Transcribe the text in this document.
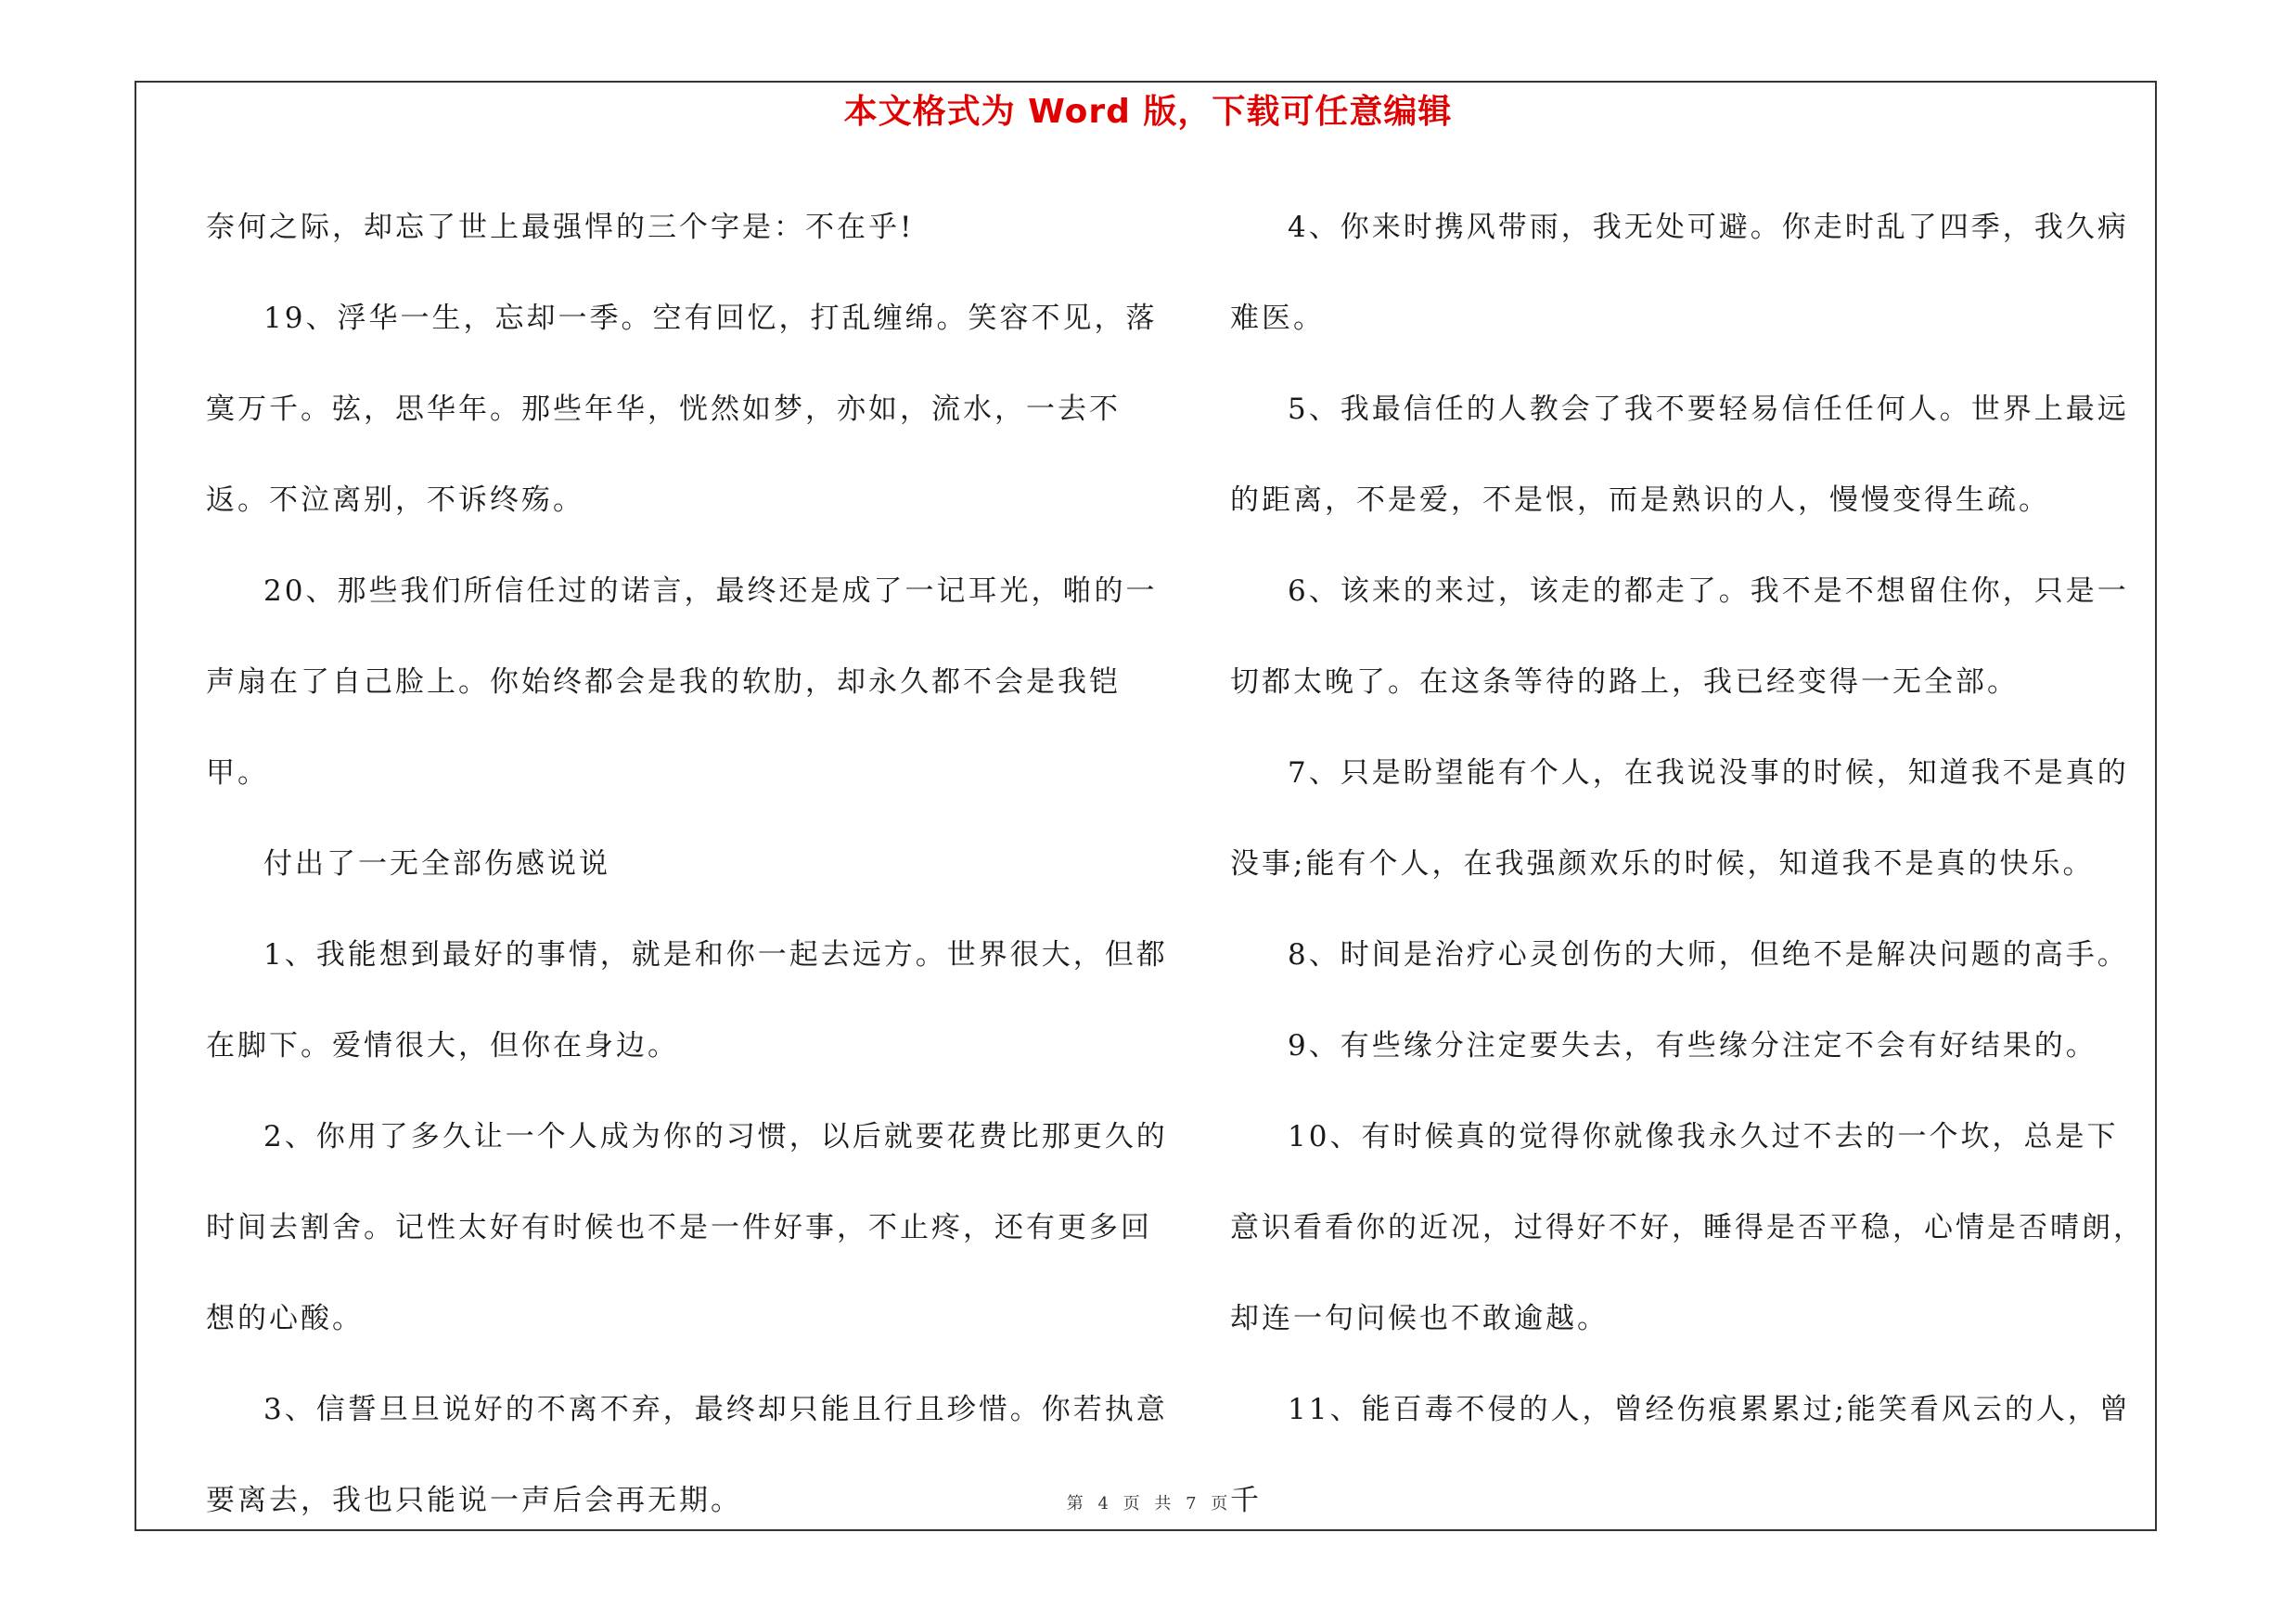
本文格式为 Word 版，下载可任意编辑

奈何之际，却忘了世上最强悍的三个字是：不在乎!

19、浮华一生，忘却一季。空有回忆，打乱缠绵。笑容不见，落寞万千。弦，思华年。那些年华，恍然如梦，亦如，流水，一去不返。不泣离别，不诉终殇。

20、那些我们所信任过的诺言，最终还是成了一记耳光，啪的一声扇在了自己脸上。你始终都会是我的软肋，却永久都不会是我铠甲。

付出了一无全部伤感说说

1、我能想到最好的事情，就是和你一起去远方。世界很大，但都在脚下。爱情很大，但你在身边。

2、你用了多久让一个人成为你的习惯，以后就要花费比那更久的时间去割舍。记性太好有时候也不是一件好事，不止疼，还有更多回想的心酸。

3、信誓旦旦说好的不离不弃，最终却只能且行且珍惜。你若执意要离去，我也只能说一声后会再无期。

4、你来时携风带雨，我无处可避。你走时乱了四季，我久病难医。

5、我最信任的人教会了我不要轻易信任任何人。世界上最远的距离，不是爱，不是恨，而是熟识的人，慢慢变得生疏。

6、该来的来过，该走的都走了。我不是不想留住你，只是一切都太晚了。在这条等待的路上，我已经变得一无全部。

7、只是盼望能有个人，在我说没事的时候，知道我不是真的没事;能有个人，在我强颜欢乐的时候，知道我不是真的快乐。

8、时间是治疗心灵创伤的大师，但绝不是解决问题的高手。

9、有些缘分注定要失去，有些缘分注定不会有好结果的。

10、有时候真的觉得你就像我永久过不去的一个坎，总是下意识看看你的近况，过得好不好，睡得是否平稳，心情是否晴朗，却连一句问候也不敢逾越。

11、能百毒不侵的人，曾经伤痕累累过;能笑看风云的人，曾千

第 4 页 共 7 页
